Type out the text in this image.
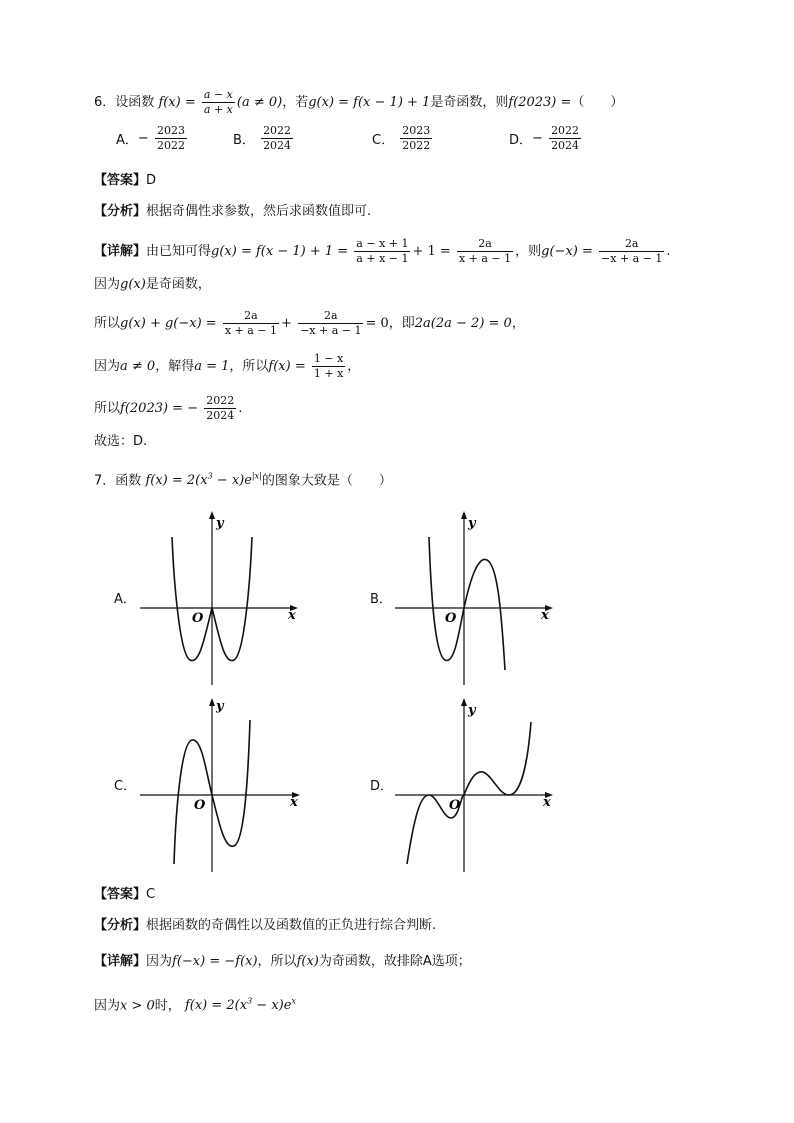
6．设函数 $f(x) = \frac{a - x}{a + x} (a \ne 0)$，若g(x) = f(x − 1) + 1是奇函数，则f(2023) =（　　）
A．− $\frac{2023}{2022}$	B． $\frac{2022}{2024}$	C． $\frac{2023}{2022}$	D．− $\frac{2022}{2024}$
【答案】D
【分析】根据奇偶性求参数，然后求函数值即可.
【详解】由已知可得$g(x) = f(x - 1) + 1 = \frac{a - x + 1}{a + x - 1} + 1 = \frac{2a}{x + a - 1}$ ，则$g(-x) = \frac{2a}{-x + a - 1}$ .
因为g(x)是奇函数，
所以$g(x) + g(-x) = \frac{2a}{x + a - 1} + \frac{2a}{-x + a - 1} = 0$，即2a(2a − 2) = 0，
因为a ≠ 0，解得a = 1，所以$f(x) = \frac{1 - x}{1 + x}$ ，
所以f(2023) = − $\frac{2022}{2024}$ .
故选：D.
7．函数 $f(x) = 2(x^3 - x)e^{|x|}$的图象大致是（　　）
A．
y
x
O
B．
y
x
O
C．
y
x
O
D．
y
x
O
【答案】C
【分析】根据函数的奇偶性以及函数值的正负进行综合判断.
【详解】因为f(−x) = −f(x)，所以f(x)为奇函数，故排除A选项；
因为x > 0时， $f(x) = 2(x^3 - x)e^x$
